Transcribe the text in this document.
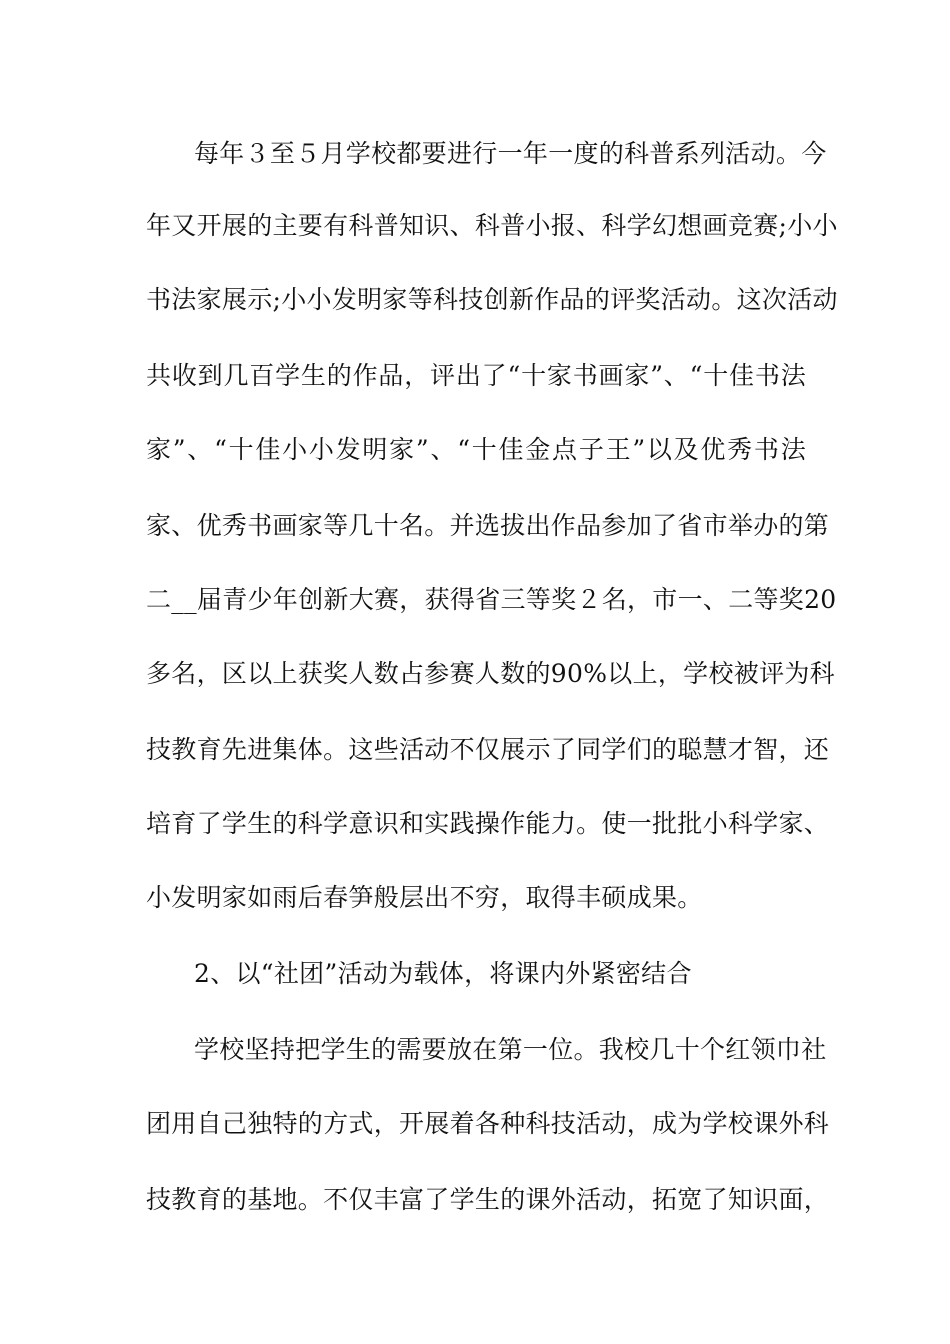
每年３至５月学校都要进行一年一度的科普系列活动。今
年又开展的主要有科普知识、科普小报、科学幻想画竞赛;小小
书法家展示;小小发明家等科技创新作品的评奖活动。这次活动
共收到几百学生的作品，评出了“十家书画家”、“十佳书法
家”、“十佳小小发明家”、“十佳金点子王”以及优秀书法
家、优秀书画家等几十名。并选拔出作品参加了省市举办的第
二__届青少年创新大赛，获得省三等奖２名，市一、二等奖20
多名，区以上获奖人数占参赛人数的90%以上，学校被评为科
技教育先进集体。这些活动不仅展示了同学们的聪慧才智，还
培育了学生的科学意识和实践操作能力。使一批批小科学家、
小发明家如雨后春笋般层出不穷，取得丰硕成果。
2、以“社团”活动为载体，将课内外紧密结合
学校坚持把学生的需要放在第一位。我校几十个红领巾社
团用自己独特的方式，开展着各种科技活动，成为学校课外科
技教育的基地。不仅丰富了学生的课外活动，拓宽了知识面，
